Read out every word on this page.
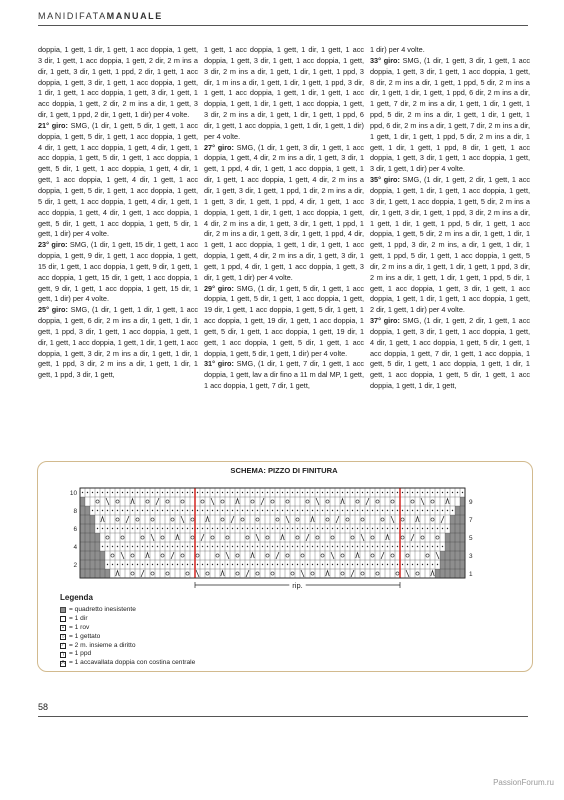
MANIDIFATAMANUALE

doppia, 1 gett, 1 dir, 1 gett, 1 acc doppia, 1 gett, 3 dir, 1 gett, 1 acc doppia, 1 gett, 2 dir, 2 m ins a dir, 1 gett, 3 dir, 1 gett, 1 ppd, 2 dir, 1 gett, 1 acc doppia, 1 gett, 3 dir, 1 gett, 1 acc doppia, 1 gett, 1 dir, 1 gett, 1 acc doppia, 1 gett, 3 dir, 1 gett, 1 acc doppia, 1 gett, 2 dir, 2 m ins a dir, 1 gett, 3 dir, 1 gett, 1 ppd, 2 dir, 1 gett, 1 dir) per 4 volte.

21° giro: SMG, (1 dir, 1 gett, 5 dir, 1 gett, 1 acc doppia, 1 gett, 5 dir, 1 gett, 1 acc doppia, 1 gett, 4 dir, 1 gett, 1 acc doppia, 1 gett, 4 dir, 1 gett, 1 acc doppia, 1 gett, 5 dir, 1 gett, 1 acc doppia, 1 gett, 5 dir, 1 gett, 1 acc doppia, 1 gett, 4 dir, 1 gett, 1 acc doppia, 1 gett, 4 dir, 1 gett, 1 acc doppia, 1 gett, 5 dir, 1 gett, 1 acc doppia, 1 gett, 5 dir, 1 gett, 1 acc doppia, 1 gett, 4 dir, 1 gett, 1 acc doppia, 1 gett, 4 dir, 1 gett, 1 acc doppia, 1 gett, 5 dir, 1 gett, 1 acc doppia, 1 gett, 5 dir, 1 gett, 1 dir) per 4 volte.

23° giro: SMG, (1 dir, 1 gett, 15 dir, 1 gett, 1 acc doppia, 1 gett, 9 dir, 1 gett, 1 acc doppia, 1 gett, 15 dir, 1 gett, 1 acc doppia, 1 gett, 9 dir, 1 gett, 1 acc doppia, 1 gett, 15 dir, 1 gett, 1 acc doppia, 1 gett, 9 dir, 1 gett, 1 acc doppia, 1 gett, 15 dir, 1 gett, 1 dir) per 4 volte.

25° giro: SMG, (1 dir, 1 gett, 1 dir, 1 gett, 1 acc doppia, 1 gett, 6 dir, 2 m ins a dir, 1 gett, 1 dir, 1 gett, 1 ppd, 3 dir, 1 gett, 1 acc doppia, 1 gett, 1 dir, 1 gett, 1 acc doppia, 1 gett, 1 dir, 1 gett, 1 acc doppia, 1 gett, 3 dir, 2 m ins a dir, 1 gett, 1 dir, 1 gett, 1 ppd, 3 dir, 2 m ins a dir, 1 gett, 1 dir, 1 gett, 1 ppd, 3 dir, 1 gett,

1 gett, 1 acc doppia, 1 gett, 1 dir, 1 gett, 1 acc doppia, 1 gett, 3 dir, 1 gett, 1 acc doppia, 1 gett, 3 dir, 2 m ins a dir, 1 gett, 1 dir, 1 gett, 1 ppd, 3 dir, 1 m ins a dir, 1 gett, 1 dir, 1 gett, 1 ppd, 3 dir, 1 gett, 1 acc doppia, 1 gett, 1 dir, 1 gett, 1 acc doppia, 1 gett, 1 dir, 1 gett, 1 acc doppia, 1 gett, 3 dir, 2 m ins a dir, 1 gett, 1 dir, 1 gett, 1 ppd, 6 dir, 1 gett, 1 acc doppia, 1 gett, 1 dir, 1 gett, 1 dir) per 4 volte.

27° giro: SMG, (1 dir, 1 gett, 3 dir, 1 gett, 1 acc doppia, 1 gett, 4 dir, 2 m ins a dir, 1 gett, 3 dir, 1 gett, 1 ppd, 4 dir, 1 gett, 1 acc doppia, 1 gett, 1 dir, 1 gett, 1 acc doppia, 1 gett, 4 dir, 2 m ins a dir, 1 gett, 3 dir, 1 gett, 1 ppd, 1 dir, 2 m ins a dir, 1 gett, 3 dir, 1 gett, 1 ppd, 4 dir, 1 gett, 1 acc doppia, 1 gett, 1 dir, 1 gett, 1 acc doppia, 1 gett, 4 dir, 2 m ins a dir, 1 gett, 3 dir, 1 gett, 1 ppd, 1 dir, 2 m ins a dir, 1 gett, 3 dir, 1 gett, 1 ppd, 4 dir, 1 gett, 1 acc doppia, 1 gett, 1 dir, 1 gett, 1 acc doppia, 1 gett, 4 dir, 2 m ins a dir, 1 gett, 3 dir, 1 gett, 1 ppd, 4 dir, 1 gett, 1 acc doppia, 1 gett, 3 dir, 1 gett, 1 dir) per 4 volte.

29° giro: SMG, (1 dir, 1 gett, 5 dir, 1 gett, 1 acc doppia, 1 gett, 5 dir, 1 gett, 1 acc doppia, 1 gett, 19 dir, 1 gett, 1 acc doppia, 1 gett, 5 dir, 1 gett, 1 acc doppia, 1 gett, 19 dir, 1 gett, 1 acc doppia, 1 gett, 5 dir, 1 gett, 1 acc doppia, 1 gett, 19 dir, 1 gett, 1 acc doppia, 1 gett, 5 dir, 1 gett, 1 acc doppia, 1 gett, 5 dir, 1 gett, 1 dir) per 4 volte.

31° giro: SMG, (1 dir, 1 gett, 7 dir, 1 gett, 1 acc doppia, 1 gett, lav a dir fino a 11 m dal MP, 1 gett, 1 acc doppia, 1 gett, 7 dir, 1 gett,

1 dir) per 4 volte.

33° giro: SMG, (1 dir, 1 gett, 3 dir, 1 gett, 1 acc doppia, 1 gett, 3 dir, 1 gett, 1 acc doppia, 1 gett, 8 dir, 2 m ins a dir, 1 gett, 1 ppd, 5 dir, 2 m ins a dir, 1 gett, 1 dir, 1 gett, 1 ppd, 6 dir, 2 m ins a dir, 1 gett, 7 dir, 2 m ins a dir, 1 gett, 1 dir, 1 gett, 1 ppd, 5 dir, 2 m ins a dir, 1 gett, 1 dir, 1 gett, 1 ppd, 6 dir, 2 m ins a dir, 1 gett, 7 dir, 2 m ins a dir, 1 gett, 1 dir, 1 gett, 1 ppd, 5 dir, 2 m ins a dir, 1 gett, 1 dir, 1 gett, 1 ppd, 8 dir, 1 gett, 1 acc doppia, 1 gett, 3 dir, 1 gett, 1 acc doppia, 1 gett, 3 dir, 1 gett, 1 dir) per 4 volte.

35° giro: SMG, (1 dir, 1 gett, 2 dir, 1 gett, 1 acc doppia, 1 gett, 1 dir, 1 gett, 1 acc doppia, 1 gett, 3 dir, 1 gett, 1 acc doppia, 1 gett, 5 dir, 2 m ins a dir, 1 gett, 3 dir, 1 gett, 1 ppd, 3 dir, 2 m ins a dir, 1 gett, 1 dir, 1 gett, 1 ppd, 5 dir, 1 gett, 1 acc doppia, 1 gett, 5 dir, 2 m ins a dir, 1 gett, 1 dir, 1 gett, 1 ppd, 3 dir, 2 m ins, a dir, 1 gett, 1 dir, 1 gett, 1 ppd, 5 dir, 1 gett, 1 acc doppia, 1 gett, 5 dir, 2 m ins a dir, 1 gett, 1 dir, 1 gett, 1 ppd, 3 dir, 2 m ins a dir, 1 gett, 1 dir, 1 gett, 1 ppd, 5 dir, 1 gett, 1 acc doppia, 1 gett, 3 dir, 1 gett, 1 acc doppia, 1 gett, 1 dir, 1 gett, 1 acc doppia, 1 gett, 2 dir, 1 gett, 1 dir) per 4 volte.

37° giro: SMG, (1 dir, 1 gett, 2 dir, 1 gett, 1 acc doppia, 1 gett, 3 dir, 1 gett, 1 acc doppia, 1 gett, 4 dir, 1 gett, 1 acc doppia, 1 gett, 5 dir, 1 gett, 1 acc doppia, 1 gett, 7 dir, 1 gett, 1 acc doppia, 1 gett, 5 dir, 1 gett, 1 acc doppia, 1 gett, 1 dir, 1 gett, 1 acc doppia, 1 gett, 5 dir, 1 gett, 1 acc doppia, 1 gett, 1 dir, 1 gett,

SCHEMA: PIZZO DI FINITURA
10
8
6
4
2
9
7
5
3
1
rip.
Legenda
= quadretto inesistente
= 1 dir
• = 1 rov
○ = 1 gettato
∕ = 2 m. insieme a diritto
∖ = 1 ppd
Λ = 1 accavallata doppia con costina centrale
58
PassionForum.ru
